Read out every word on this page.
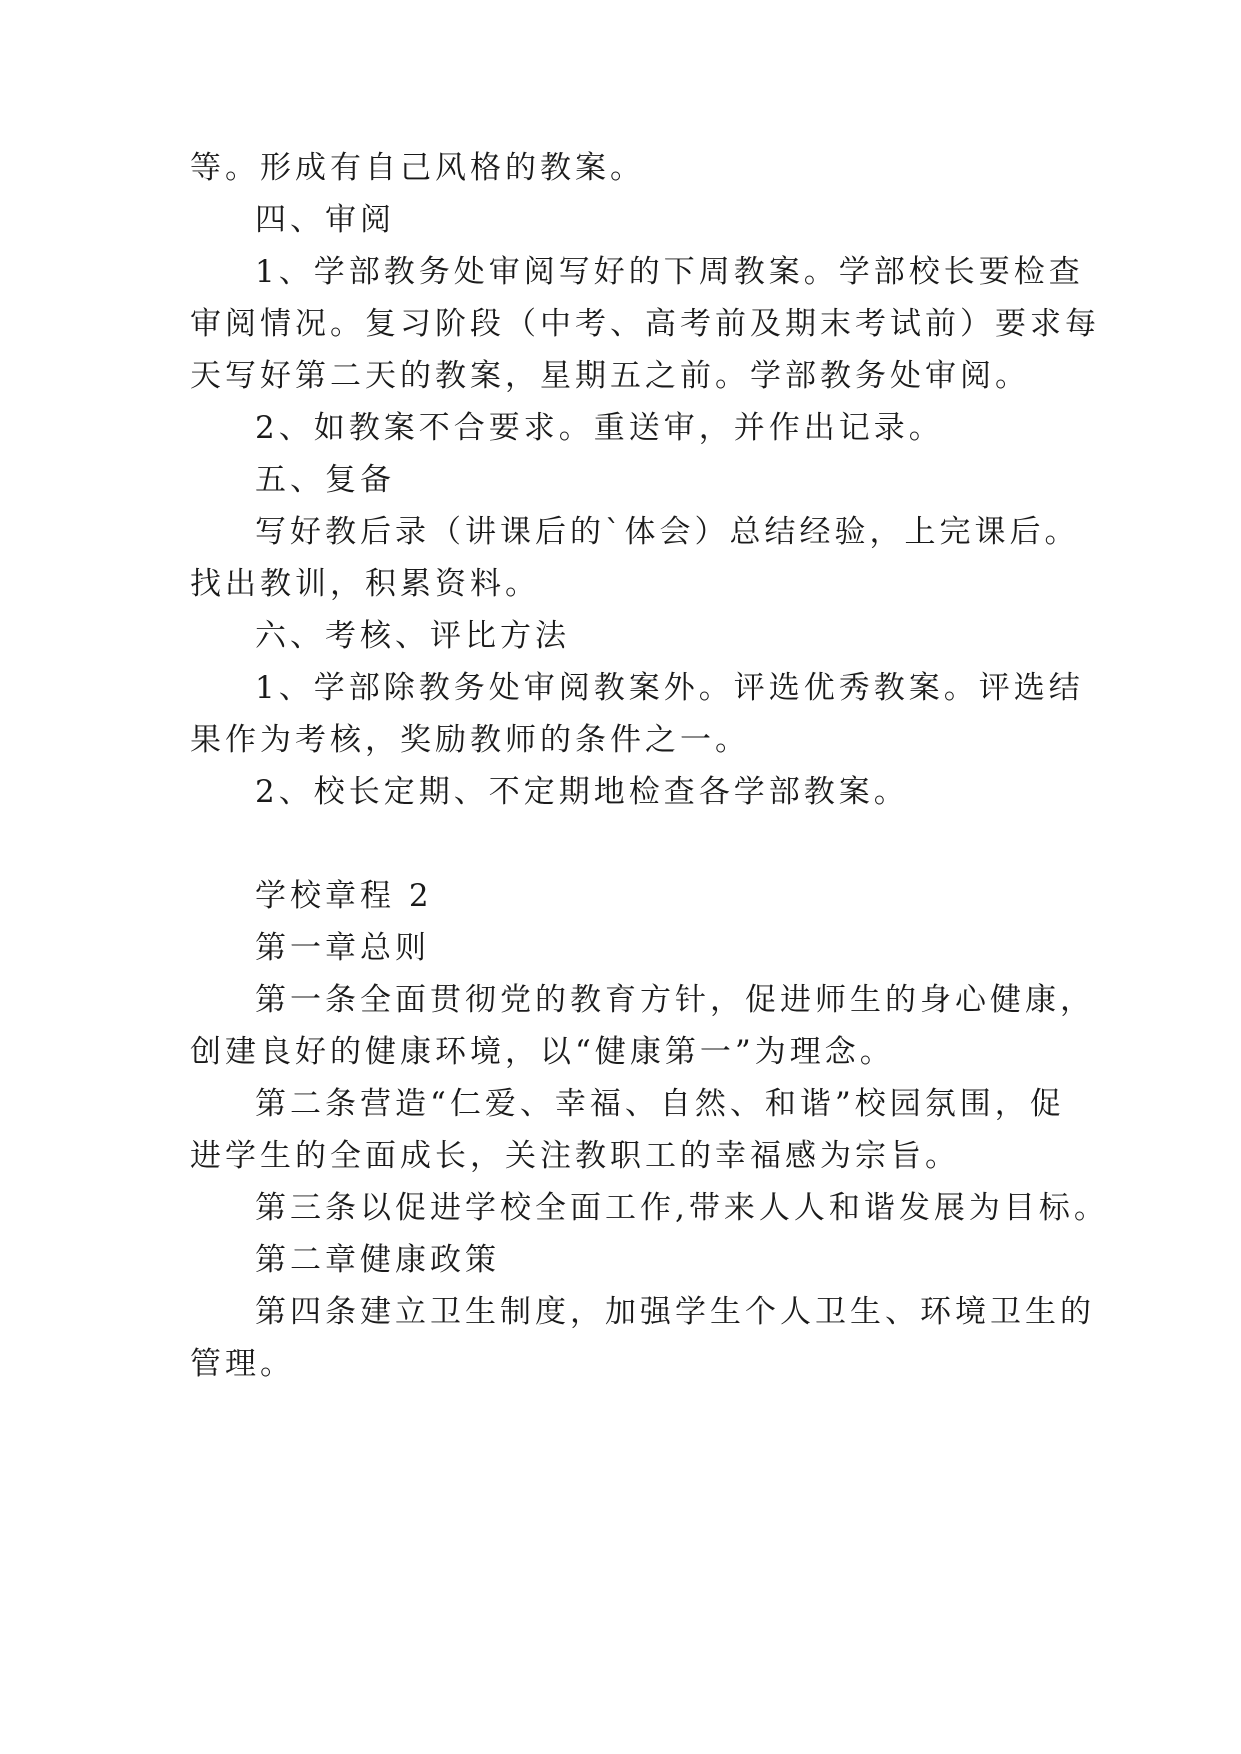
等。形成有自己风格的教案。
四、审阅
1、学部教务处审阅写好的下周教案。学部校长要检查
审阅情况。复习阶段（中考、高考前及期末考试前）要求每
天写好第二天的教案，星期五之前。学部教务处审阅。
2、如教案不合要求。重送审，并作出记录。
五、复备
写好教后录（讲课后的`体会）总结经验，上完课后。
找出教训，积累资料。
六、考核、评比方法
1、学部除教务处审阅教案外。评选优秀教案。评选结
果作为考核，奖励教师的条件之一。
2、校长定期、不定期地检查各学部教案。
学校章程 2
第一章总则
第一条全面贯彻党的教育方针，促进师生的身心健康，
创建良好的健康环境，以“健康第一”为理念。
第二条营造“仁爱、幸福、自然、和谐”校园氛围，促
进学生的全面成长，关注教职工的幸福感为宗旨。
第三条以促进学校全面工作,带来人人和谐发展为目标。
第二章健康政策
第四条建立卫生制度，加强学生个人卫生、环境卫生的
管理。
